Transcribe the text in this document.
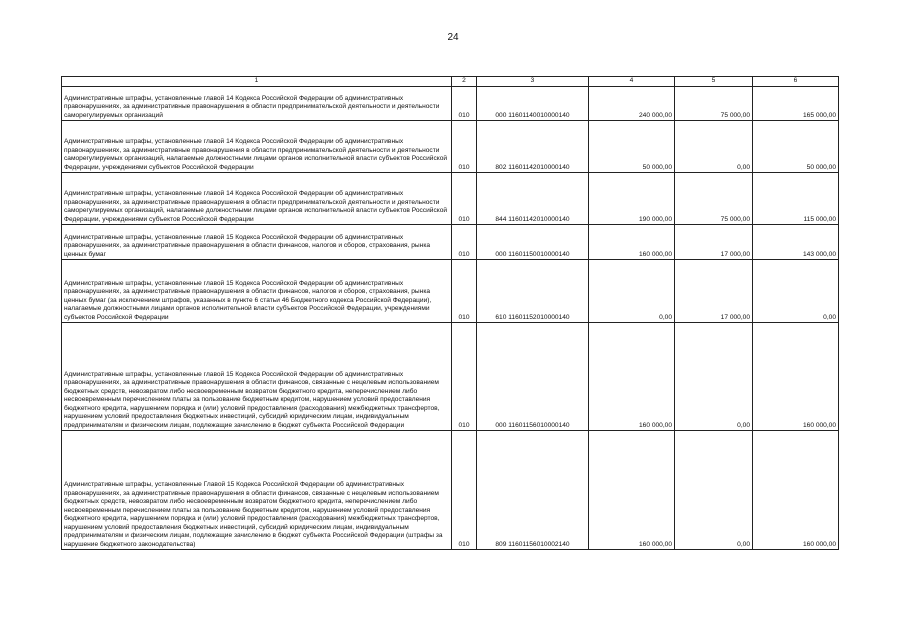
24
1	2	3	4	5	6
Административные штрафы, установленные главой 14 Кодекса Российской Федерации об административных правонарушениях, за административные правонарушения в области предпринимательской деятельности и деятельности саморегулируемых организаций	010	000 11601140010000140	240 000,00	75 000,00	165 000,00
Административные штрафы, установленные главой 14 Кодекса Российской Федерации об административных правонарушениях, за административные правонарушения в области предпринимательской деятельности и деятельности саморегулируемых организаций, налагаемые должностными лицами органов исполнительной власти субъектов Российской Федерации, учреждениями субъектов Российской Федерации	010	802 11601142010000140	50 000,00	0,00	50 000,00
Административные штрафы, установленные главой 14 Кодекса Российской Федерации об административных правонарушениях, за административные правонарушения в области предпринимательской деятельности и деятельности саморегулируемых организаций, налагаемые должностными лицами органов исполнительной власти субъектов Российской Федерации, учреждениями субъектов Российской Федерации	010	844 11601142010000140	190 000,00	75 000,00	115 000,00
Административные штрафы, установленные главой 15 Кодекса Российской Федерации об административных правонарушениях, за административные правонарушения в области финансов, налогов и сборов, страхования, рынка ценных бумаг	010	000 11601150010000140	160 000,00	17 000,00	143 000,00
Административные штрафы, установленные главой 15 Кодекса Российской Федерации об административных правонарушениях, за административные правонарушения в области финансов, налогов и сборов, страхования, рынка ценных бумаг (за исключением штрафов, указанных в пункте 6 статьи 46 Бюджетного кодекса Российской Федерации), налагаемые должностными лицами органов исполнительной власти субъектов Российской Федерации, учреждениями субъектов Российской Федерации	010	610 11601152010000140	0,00	17 000,00	0,00
Административные штрафы, установленные главой 15 Кодекса Российской Федерации об административных правонарушениях, за административные правонарушения в области финансов, связанные с нецелевым использованием бюджетных средств, невозвратом либо несвоевременным возвратом бюджетного кредита, неперечислением либо несвоевременным перечислением платы за пользование бюджетным кредитом, нарушением условий предоставления бюджетного кредита, нарушением порядка и (или) условий предоставления (расходования) межбюджетных трансфертов, нарушением условий предоставления бюджетных инвестиций, субсидий юридическим лицам, индивидуальным предпринимателям и физическим лицам, подлежащие зачислению в бюджет субъекта Российской Федерации	010	000 11601156010000140	160 000,00	0,00	160 000,00
Административные штрафы, установленные Главой 15 Кодекса Российской Федерации об административных правонарушениях, за административные правонарушения в области финансов, связанные с нецелевым использованием бюджетных средств, невозвратом либо несвоевременным возвратом бюджетного кредита, неперечислением либо несвоевременным перечислением платы за пользование бюджетным кредитом, нарушением условий предоставления бюджетного кредита, нарушением порядка и (или) условий предоставления (расходования) межбюджетных трансфертов, нарушением условий предоставления бюджетных инвестиций, субсидий юридическим лицам, индивидуальным предпринимателям и физическим лицам, подлежащие зачислению в бюджет субъекта Российской Федерации (штрафы за нарушение бюджетного законодательства)	010	809 11601156010002140	160 000,00	0,00	160 000,00
